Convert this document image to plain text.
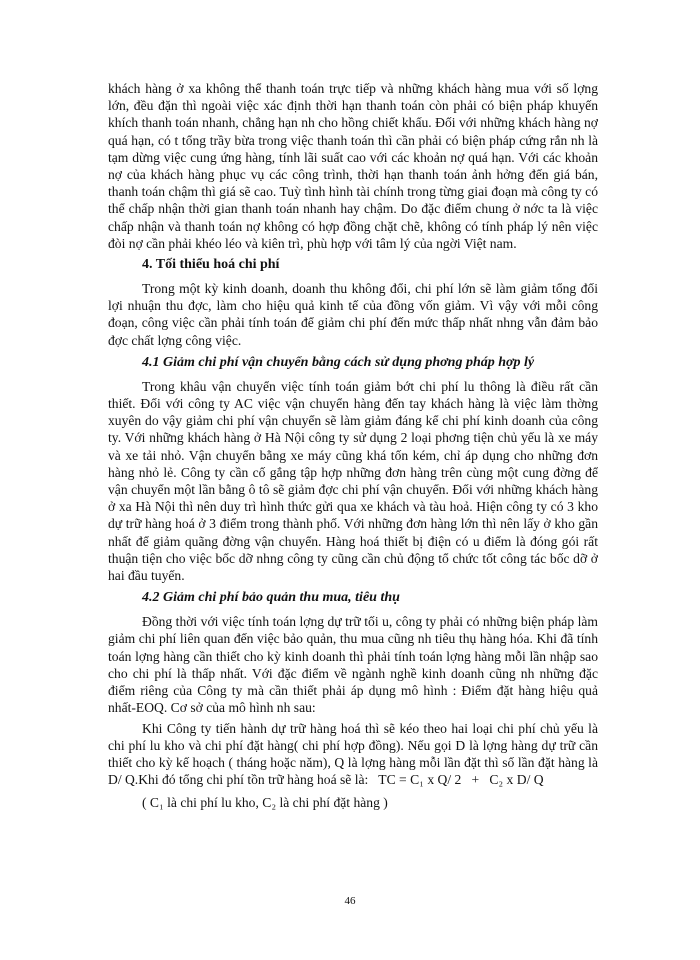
khách hàng ở xa không thể thanh toán trực tiếp và những khách hàng mua với số lợng lớn, đều đặn thì ngoài việc xác định thời hạn thanh toán còn phải có biện pháp khuyến khích thanh toán nhanh, chẳng hạn nh cho hồng chiết khấu. Đối với những khách hàng nợ quá hạn, có t tổng trầy bừa trong việc thanh toán thì cần phải có biện pháp cứng rắn nh là tạm dừng việc cung ứng hàng, tính lãi suất cao với các khoản nợ quá hạn. Với các khoản nợ của khách hàng phục vụ các công trình, thời hạn thanh toán ảnh hởng đến giá bán, thanh toán chậm thì giá sẽ cao. Tuỳ tình hình tài chính trong từng giai đoạn mà công ty có thể chấp nhận thời gian thanh toán nhanh hay chậm. Do đặc điểm chung ở nớc ta là việc chấp nhận và thanh toán nợ không có hợp đồng chặt chẽ, không có tính pháp lý nên việc đòi nợ cần phải khéo léo và kiên trì, phù hợp với tâm lý của ngời Việt nam.

4. Tối thiểu hoá chi phí

Trong một kỳ kinh doanh, doanh thu không đổi, chi phí lớn sẽ làm giảm tổng đối lợi nhuận thu đợc, làm cho hiệu quả kinh tế của đồng vốn giảm. Vì vậy với mỗi công đoạn, công việc cần phải tính toán để giảm chi phí đến mức thấp nhất nhng vẫn đảm bảo đợc chất lợng công việc.

4.1 Giảm chi phí vận chuyển bằng cách sử dụng phơng pháp hợp lý

Trong khâu vận chuyển việc tính toán giảm bớt chi phí lu thông là điều rất cần thiết. Đối với công ty AC việc vận chuyển hàng đến tay khách hàng là việc làm thờng xuyên do vậy giảm chi phí vận chuyển sẽ làm giảm đáng kể chi phí kinh doanh của công ty. Với những khách hàng ở Hà Nội công ty sử dụng 2 loại phơng tiện chủ yếu là xe máy và xe tải nhỏ. Vận chuyển bằng xe máy cũng khá tốn kém, chỉ áp dụng cho những đơn hàng nhỏ lẻ. Công ty cần cố gắng tập hợp những đơn hàng trên cùng một cung đờng để vận chuyển một lần bằng ô tô sẽ giảm đợc chi phí vận chuyển. Đối với những khách hàng ở xa Hà Nội thì nên duy trì hình thức gửi qua xe khách và tàu hoả. Hiện công ty có 3 kho dự trữ hàng hoá ở 3 điểm trong thành phố. Với những đơn hàng lớn thì nên lấy ở kho gần nhất để giảm quãng đờng vận chuyển. Hàng hoá thiết bị điện có u điểm là đóng gói rất thuận tiện cho việc bốc dỡ nhng công ty cũng cần chủ động tổ chức tốt công tác bốc dỡ ở hai đầu tuyến.

4.2 Giảm chi phí bảo quản thu mua, tiêu thụ

Đồng thời với việc tính toán lợng dự trữ tối u, công ty phải có những biện pháp làm giảm chi phí liên quan đến việc bảo quản, thu mua cũng nh tiêu thụ hàng hóa. Khi đã tính toán lợng hàng cần thiết cho kỳ kinh doanh thì phải tính toán lợng hàng mỗi lần nhập sao cho chi phí là thấp nhất. Với đặc điểm về ngành nghề kinh doanh cũng nh những đặc điểm riêng của Công ty mà cần thiết phải áp dụng mô hình : Điểm đặt hàng hiệu quả nhất-EOQ. Cơ sở của mô hình nh sau:

Khi Công ty tiến hành dự trữ hàng hoá thì sẽ kéo theo hai loại chi phí chủ yếu là chi phí lu kho và chi phí đặt hàng( chi phí hợp đồng). Nếu gọi D là lợng hàng dự trữ cần thiết cho kỳ kế hoạch ( tháng hoặc năm), Q là lợng hàng mỗi lần đặt thì số lần đặt hàng là D/ Q.Khi đó tổng chi phí tồn trữ hàng hoá sẽ là:   TC = C₁ x Q/ 2   +   C₂ x D/ Q

( C₁ là chi phí lu kho, C₂ là chi phí đặt hàng )

46
